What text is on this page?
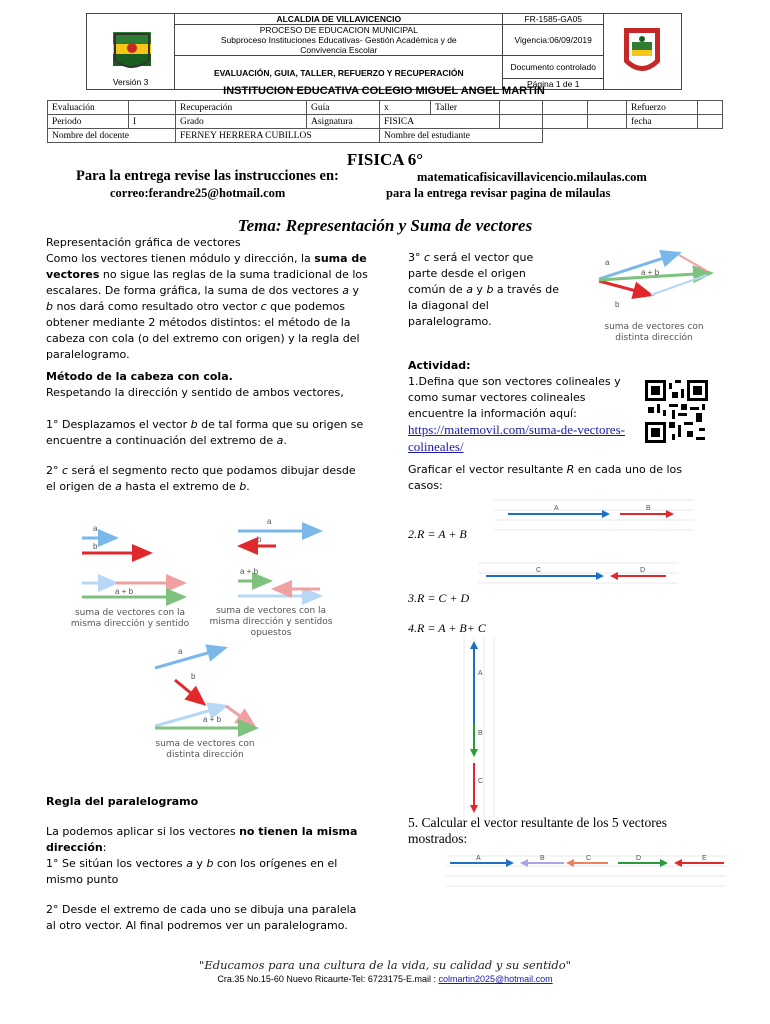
Versión 3	ALCALDIA DE VILLAVICENCIO	FR-1585-GA05	

	PROCESO DE EDUCACION MUNICIPAL
Subproceso Instituciones Educativas- Gestión Académica y de Convivencia Escolar	Vigencia:06/09/2019	
	EVALUACIÓN, GUIA, TALLER, REFUERZO Y RECUPERACIÓN	Documento controlado	
		Página 1 de 1	
INSTITUCION EDUCATIVA COLEGIO MIGUEL ANGEL MARTIN
Evaluación		Recuperación	Guía	x	Taller				Refuerzo	
Periodo	I	Grado	Asignatura	FISICA					fecha	
Nombre del docente		FERNEY HERRERA CUBILLOS		Nombre del estudiante						
FISICA 6°
Para la entrega revise las instrucciones en:	matematicafisicavillavicencio.milaulas.com
correo:ferandre25@hotmail.com	para la entrega revisar pagina de milaulas
Tema: Representación y Suma de vectores

Representación gráfica de vectores

Como los vectores tienen módulo y dirección, la suma de vectores no sigue las reglas de la suma tradicional de los escalares. De forma gráfica, la suma de dos vectores a y b nos dará como resultado otro vector c que podemos obtener mediante 2 métodos distintos: el método de la cabeza con cola (o del extremo con origen) y la regla del paralelogramo.

Método de la cabeza con cola.

Respetando la dirección y sentido de ambos vectores,

1° Desplazamos el vector b de tal forma que su origen se encuentre a continuación del extremo de a.

2° c será el segmento recto que podamos dibujar desde el origen de a hasta el extremo de b.

a
b
a + b
a
b
a + b
a
b
a + b
suma de vectores con la misma dirección y sentido
suma de vectores con la misma dirección y sentidos opuestos
suma de vectores con distinta dirección

Regla del paralelogramo

La podemos aplicar si los vectores no tienen la misma dirección:

1° Se sitúan los vectores a y b con los orígenes en el mismo punto

2° Desde el extremo de cada uno se dibuja una paralela al otro vector. Al final podremos ver un paralelogramo.

3° c será el vector que parte desde el origen común de a y b a través de la diagonal del paralelogramo.

a
a + b
b
suma de vectores con distinta dirección

Actividad:

1.Defina que son vectores colineales y como sumar vectores colineales encuentre la información aquí:

https://matemovil.com/suma-de-vectores-colineales/

Graficar el vector resultante R en cada uno de los casos:

A	B
2.R = A + B
C	D
3.R = C + D
4.R = A + B+ C
A
B
C
5. Calcular el vector resultante de los 5 vectores mostrados:
A	B	C	D	E
"Educamos para una cultura de la vida, su calidad y su sentido"
Cra.35 No.15-60 Nuevo Ricaurte-Tel: 6723175-E.mail : colmartin2025@hotmail.com
